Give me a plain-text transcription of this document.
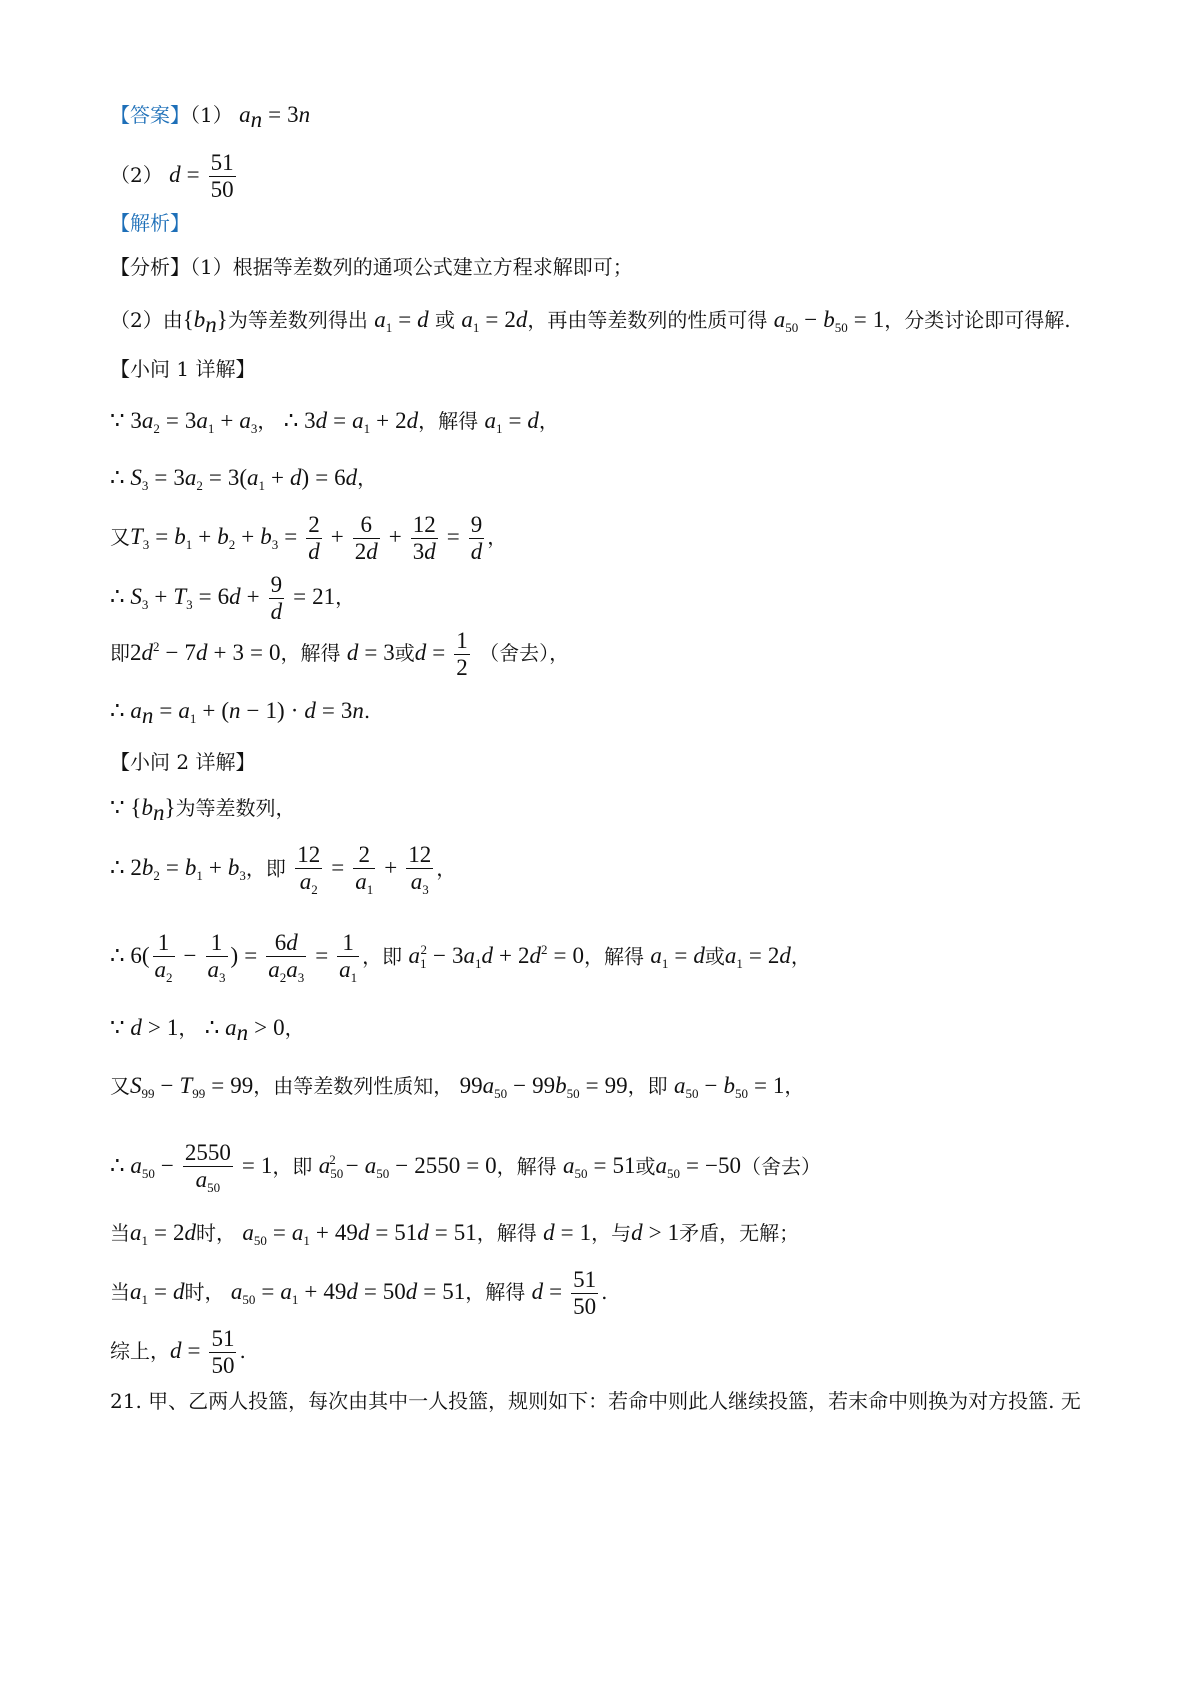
【答案】（1） $a_n = 3n$
（2） $d = \frac{51}{50}$
【解析】
【分析】（1）根据等差数列的通项公式建立方程求解即可；
（2）由$\{b_n\}$为等差数列得出 $a_1 = d$ 或 $a_1 = 2d$，再由等差数列的性质可得 $a_{50} - b_{50} = 1$，分类讨论即可得解.
【小问 1 详解】
∵ $3a_2 = 3a_1 + a_3$， ∴ $3d = a_1 + 2d$，解得 $a_1 = d$，
∴ $S_3 = 3a_2 = 3(a_1 + d) = 6d$，
又$T_3 = b_1 + b_2 + b_3 = \frac{2}{d} + \frac{6}{2d} + \frac{12}{3d} = \frac{9}{d}$ ，
∴ $S_3 + T_3 = 6d + \frac{9}{d} = 21$，
即$2d^2 - 7d + 3 = 0$，解得 d = 3或$d = \frac{1}{2}$ （舍去），
∴ $a_n = a_1 + (n - 1) \cdot d = 3n$.
【小问 2 详解】
∵ $\{b_n\}$为等差数列，
∴ $2b_2 = b_1 + b_3$，即 $\frac{12}{a_2} = \frac{2}{a_1} + \frac{12}{a_3}$ ，
∴ $6( \frac{1}{a_2} - \frac{1}{a_3}$ ) = $\frac{6d}{a_2a_3} = \frac{1}{a_1}$ ，即 $a_1^2 - 3a_1d + 2d^2 = 0$，解得 $a_1 = d$或$a_1 = 2d$，
∵ d > 1， ∴ $a_n > 0$，
又$S_{99} - T_{99} = 99$，由等差数列性质知， $99a_{50} - 99b_{50} = 99$，即 $a_{50} - b_{50} = 1$，
∴ $a_{50} - \frac{2550}{a_{50}} = 1$，即 $a_{50}^2 - a_{50} - 2550 = 0$，解得 $a_{50} = 51$或$a_{50} = -50$（舍去）
当$a_1 = 2d$时， $a_{50} = a_1 + 49d = 51d = 51$，解得 d = 1，与d > 1矛盾，无解；
当$a_1 = d$时， $a_{50} = a_1 + 49d = 50d = 51$，解得 $d = \frac{51}{50}$ .
综上，$d = \frac{51}{50}$ .
21. 甲、乙两人投篮，每次由其中一人投篮，规则如下：若命中则此人继续投篮，若末命中则换为对方投篮. 无
